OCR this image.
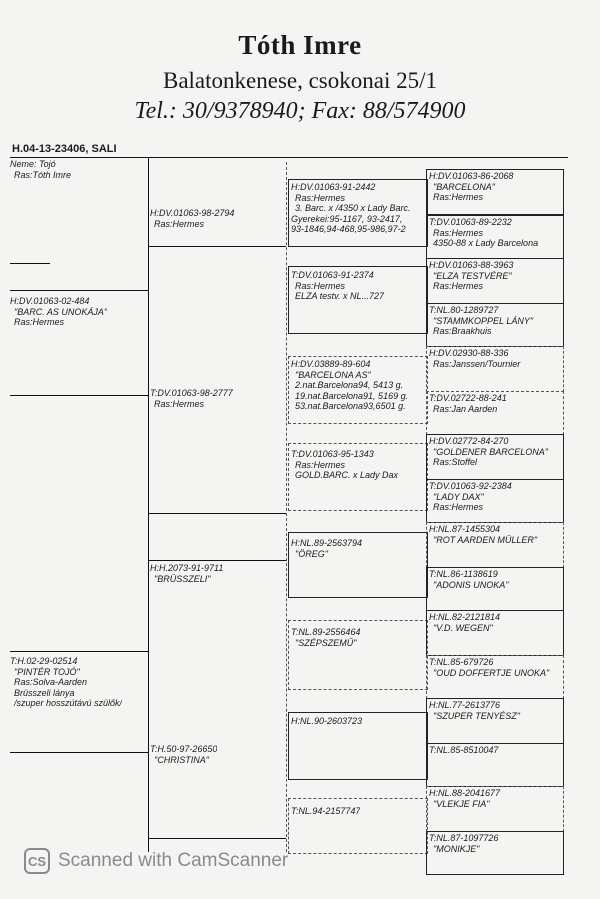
Tóth Imre
Balatonkenese, csokonai 25/1
Tel.: 30/9378940; Fax: 88/574900
H.04-13-23406, SALI
Neme: Tojó
Ras:Tóth Imre
H:DV.01063-02-484
"BARC. AS UNOKÁJA"
Ras:Hermes
T:H.02-29-02514
"PINTÉR TOJÓ"
Ras:Solva-Aarden
Brüsszeli lánya
/szuper hosszútávú szülők/
H:DV.01063-98-2794
Ras:Hermes
T:DV.01063-98-2777
Ras:Hermes
H:H.2073-91-9711
"BRÜSSZELI"
T:H.50-97-26650
"CHRISTINA"
H:DV.01063-91-2442
Ras:Hermes
3. Barc. x /4350 x Lady Barc.
Gyerekei:95-1167, 93-2417,
93-1846,94-468,95-986,97-2
T:DV.01063-91-2374
Ras:Hermes
ELZA testv. x NL...727
H:DV.03889-89-604
"BARCELONA AS"
2.nat.Barcelona94, 5413 g.
19.nat.Barcelona91, 5169 g.
53.nat.Barcelona93,6501 g.
T:DV.01063-95-1343
Ras:Hermes
GOLD.BARC. x Lady Dax
H:NL.89-2563794
"ÖREG"
T:NL.89-2556464
"SZÉPSZEMŰ"
H:NL.90-2603723
T:NL.94-2157747
H:DV.01063-86-2068
"BARCELONA"
Ras:Hermes
T:DV.01063-89-2232
Ras:Hermes
4350-88 x Lady Barcelona
H:DV.01063-88-3963
"ELZA TESTVÉRE"
Ras:Hermes
T:NL.80-1289727
"STAMMKOPPEL LÁNY"
Ras:Braakhuis
H:DV.02930-88-336
Ras:Janssen/Tournier
T:DV.02722-88-241
Ras:Jan Aarden
H:DV.02772-84-270
"GOLDENER BARCELONA"
Ras:Stoffel
T:DV.01063-92-2384
"LADY DAX"
Ras:Hermes
H:NL.87-1455304
"ROT AARDEN MÜLLER"
T:NL.86-1138619
"ADONIS UNOKA"
H:NL.82-2121814
"V.D. WEGEN"
T:NL.85-679726
"OUD DOFFERTJE UNOKA"
H:NL.77-2613776
"SZUPER TENYÉSZ"
T:NL.85-8510047
H:NL.88-2041677
"VLEKJE FIA"
T:NL.87-1097726
"MONIKJE"
CS Scanned with CamScanner
